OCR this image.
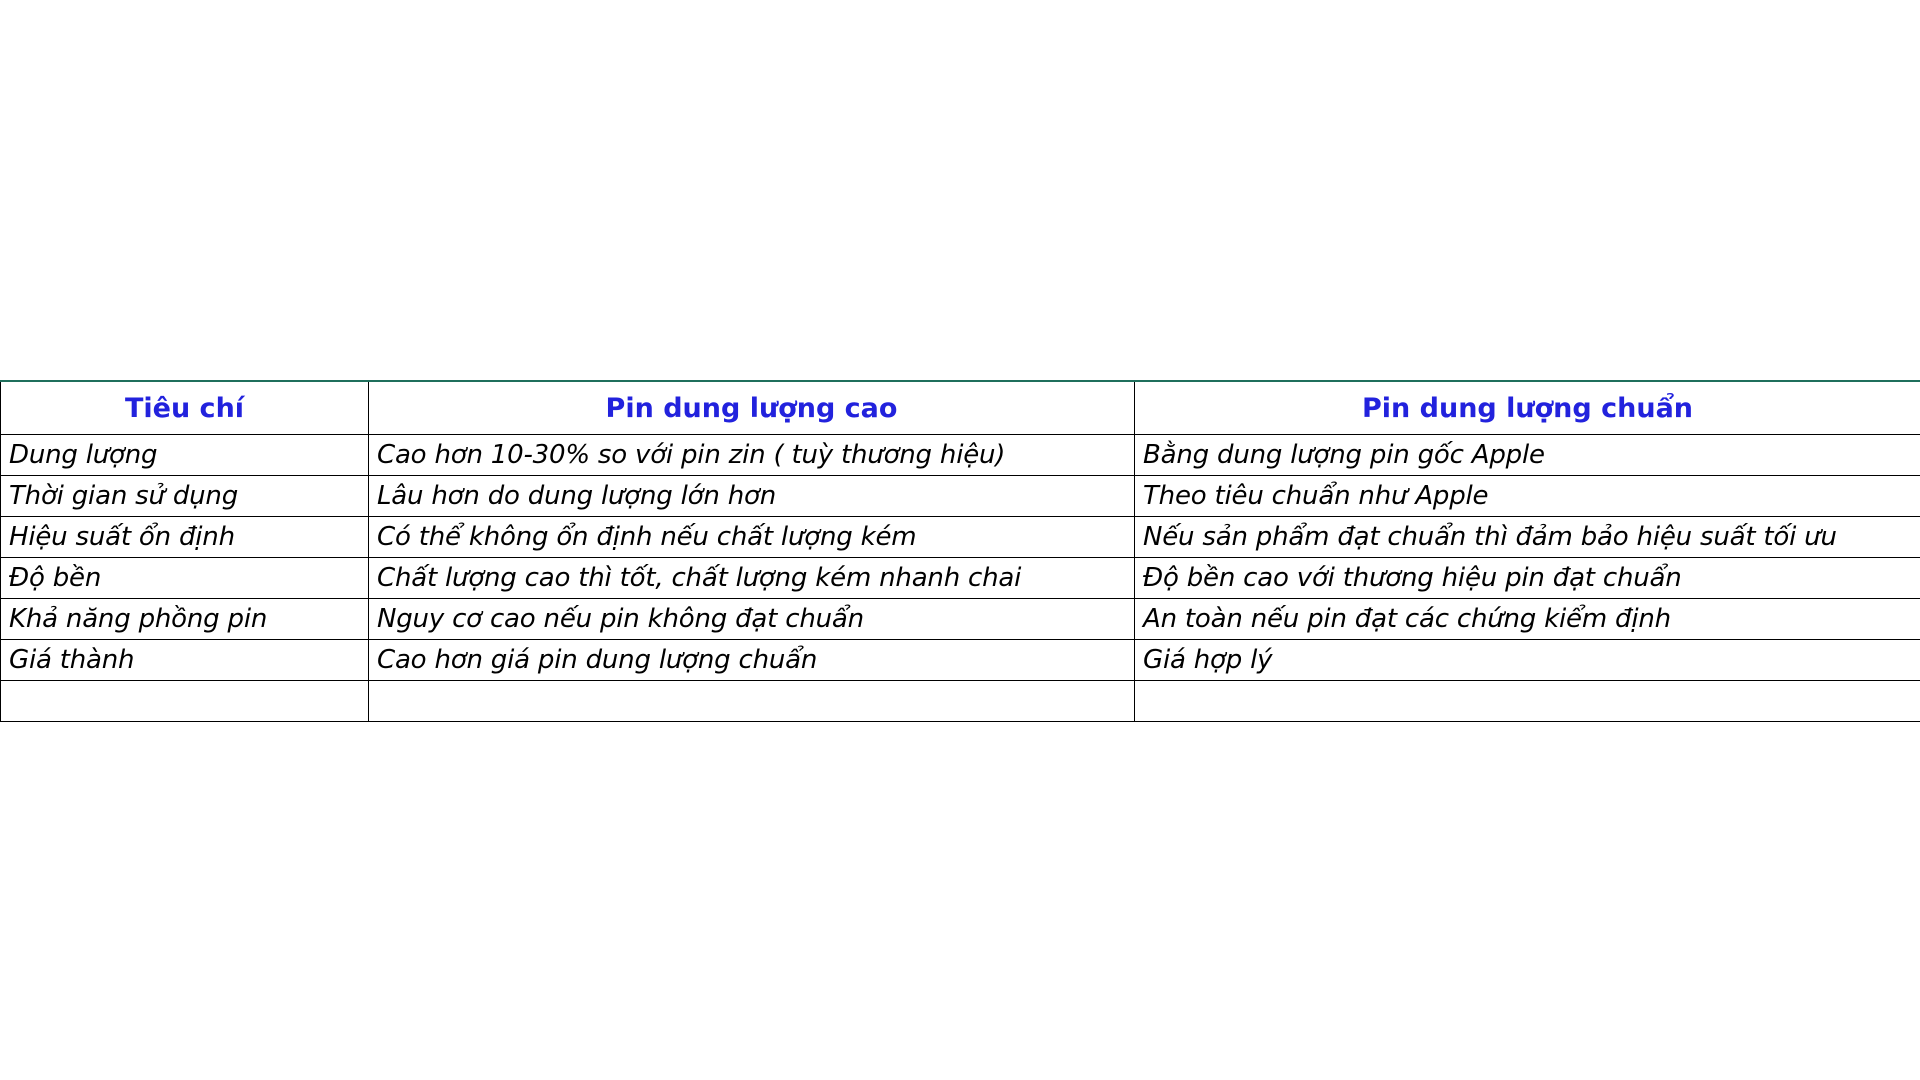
Tiêu chí	Pin dung lượng cao	Pin dung lượng chuẩn
Dung lượng	Cao hơn 10-30% so với pin zin ( tuỳ thương hiệu)	Bằng dung lượng pin gốc Apple
Thời gian sử dụng	Lâu hơn do dung lượng lớn hơn	Theo tiêu chuẩn như Apple
Hiệu suất ổn định	Có thể không ổn định nếu chất lượng kém	Nếu sản phẩm đạt chuẩn thì đảm bảo hiệu suất tối ưu
Độ bền	Chất lượng cao thì tốt, chất lượng kém nhanh chai	Độ bền cao với thương hiệu pin đạt chuẩn
Khả năng phồng pin	Nguy cơ cao nếu pin không đạt chuẩn	An toàn nếu pin đạt các chứng kiểm định
Giá thành	Cao hơn giá pin dung lượng chuẩn	Giá hợp lý
